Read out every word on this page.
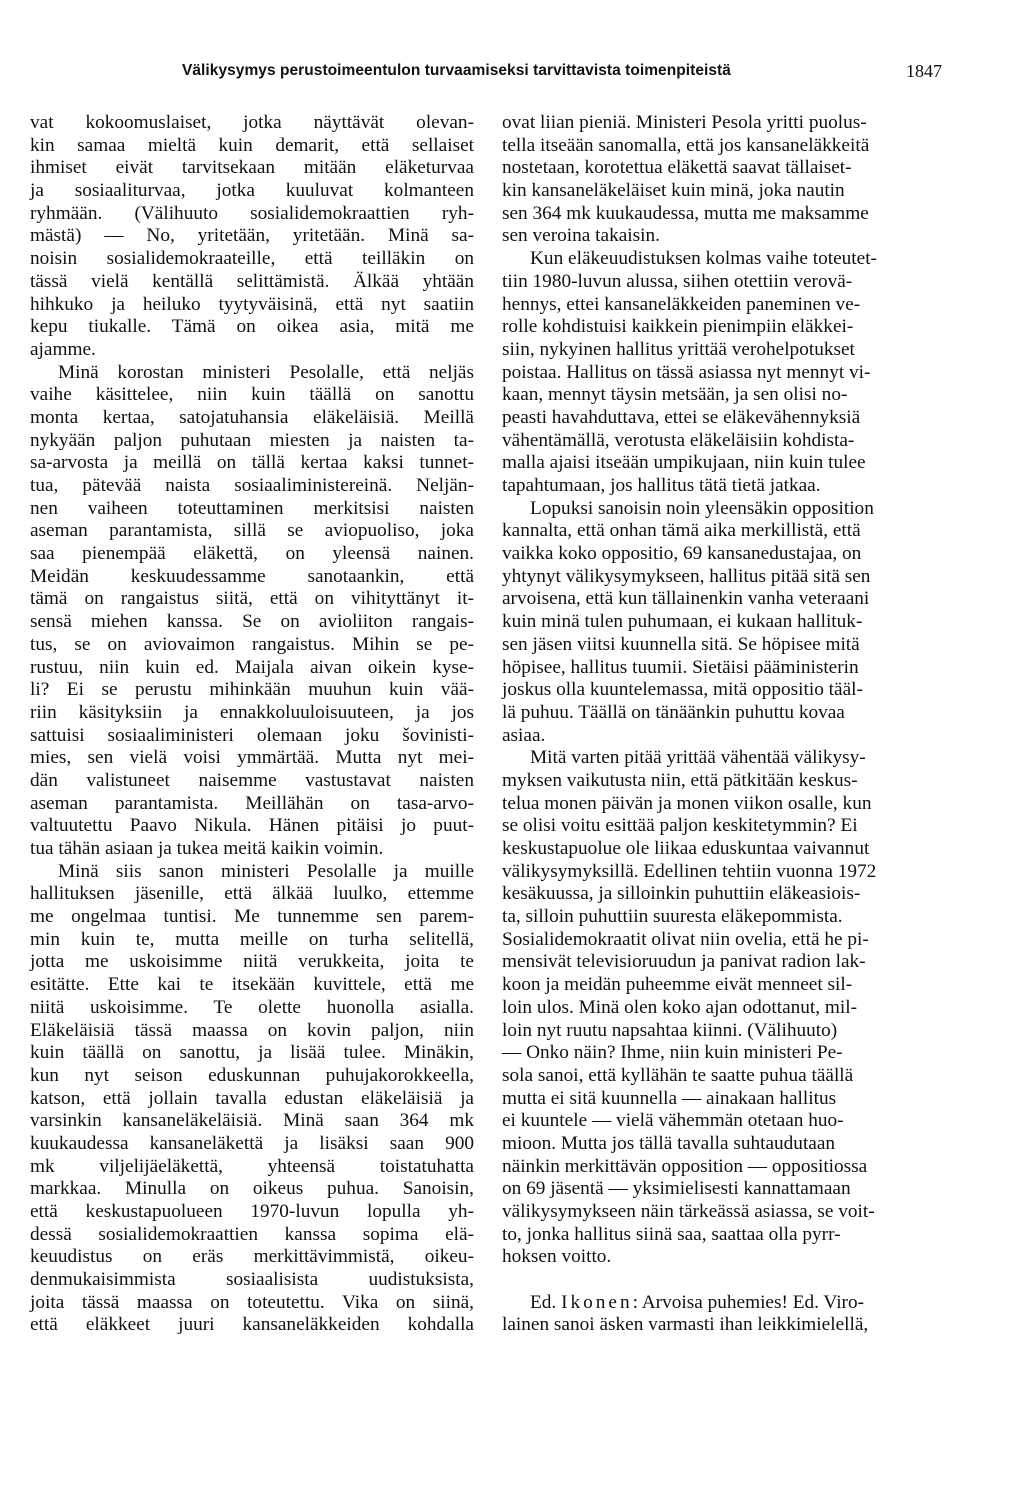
Välikysymys perustoimeentulon turvaamiseksi tarvittavista toimenpiteistä	1847
vat kokoomuslaiset, jotka näyttävät olevan-
kin samaa mieltä kuin demarit, että sellaiset
ihmiset eivät tarvitsekaan mitään eläketurvaa
ja sosiaaliturvaa, jotka kuuluvat kolmanteen
ryhmään. (Välihuuto sosialidemokraattien ryh-
mästä) — No, yritetään, yritetään. Minä sa-
noisin sosialidemokraateille, että teilläkin on
tässä vielä kentällä selittämistä. Älkää yhtään
hihkuko ja heiluko tyytyväisinä, että nyt saatiin
kepu tiukalle. Tämä on oikea asia, mitä me
ajamme.
Minä korostan ministeri Pesolalle, että neljäs
vaihe käsittelee, niin kuin täällä on sanottu
monta kertaa, satojatuhansia eläkeläisiä. Meillä
nykyään paljon puhutaan miesten ja naisten ta-
sa-arvosta ja meillä on tällä kertaa kaksi tunnet-
tua, pätevää naista sosiaaliministereinä. Neljän-
nen vaiheen toteuttaminen merkitsisi naisten
aseman parantamista, sillä se aviopuoliso, joka
saa pienempää eläkettä, on yleensä nainen.
Meidän keskuudessamme sanotaankin, että
tämä on rangaistus siitä, että on vihityttänyt it-
sensä miehen kanssa. Se on avioliiton rangais-
tus, se on aviovaimon rangaistus. Mihin se pe-
rustuu, niin kuin ed. Maijala aivan oikein kyse-
li? Ei se perustu mihinkään muuhun kuin vää-
riin käsityksiin ja ennakkoluuloisuuteen, ja jos
sattuisi sosiaaliministeri olemaan joku šovinisti-
mies, sen vielä voisi ymmärtää. Mutta nyt mei-
dän valistuneet naisemme vastustavat naisten
aseman parantamista. Meillähän on tasa-arvo-
valtuutettu Paavo Nikula. Hänen pitäisi jo puut-
tua tähän asiaan ja tukea meitä kaikin voimin.
Minä siis sanon ministeri Pesolalle ja muille
hallituksen jäsenille, että älkää luulko, ettemme
me ongelmaa tuntisi. Me tunnemme sen parem-
min kuin te, mutta meille on turha selitellä,
jotta me uskoisimme niitä verukkeita, joita te
esitätte. Ette kai te itsekään kuvittele, että me
niitä uskoisimme. Te olette huonolla asialla.
Eläkeläisiä tässä maassa on kovin paljon, niin
kuin täällä on sanottu, ja lisää tulee. Minäkin,
kun nyt seison eduskunnan puhujakorokkeella,
katson, että jollain tavalla edustan eläkeläisiä ja
varsinkin kansaneläkeläisiä. Minä saan 364 mk
kuukaudessa kansaneläkettä ja lisäksi saan 900
mk viljelijäeläkettä, yhteensä toistatuhatta
markkaa. Minulla on oikeus puhua. Sanoisin,
että keskustapuolueen 1970-luvun lopulla yh-
dessä sosialidemokraattien kanssa sopima elä-
keuudistus on eräs merkittävimmistä, oikeu-
denmukaisimmista sosiaalisista uudistuksista,
joita tässä maassa on toteutettu. Vika on siinä,
että eläkkeet juuri kansaneläkkeiden kohdalla
ovat liian pieniä. Ministeri Pesola yritti puolus-
tella itseään sanomalla, että jos kansaneläkkeitä
nostetaan, korotettua eläkettä saavat tällaiset-
kin kansaneläkeläiset kuin minä, joka nautin
sen 364 mk kuukaudessa, mutta me maksamme
sen veroina takaisin.
Kun eläkeuudistuksen kolmas vaihe toteutet-
tiin 1980-luvun alussa, siihen otettiin verovä-
hennys, ettei kansaneläkkeiden paneminen ve-
rolle kohdistuisi kaikkein pienimpiin eläkkei-
siin, nykyinen hallitus yrittää verohelpotukset
poistaa. Hallitus on tässä asiassa nyt mennyt vi-
kaan, mennyt täysin metsään, ja sen olisi no-
peasti havahduttava, ettei se eläkevähennyksiä
vähentämällä, verotusta eläkeläisiin kohdista-
malla ajaisi itseään umpikujaan, niin kuin tulee
tapahtumaan, jos hallitus tätä tietä jatkaa.
Lopuksi sanoisin noin yleensäkin opposition
kannalta, että onhan tämä aika merkillistä, että
vaikka koko oppositio, 69 kansanedustajaa, on
yhtynyt välikysymykseen, hallitus pitää sitä sen
arvoisena, että kun tällainenkin vanha veteraani
kuin minä tulen puhumaan, ei kukaan hallituk-
sen jäsen viitsi kuunnella sitä. Se höpisee mitä
höpisee, hallitus tuumii. Sietäisi pääministerin
joskus olla kuuntelemassa, mitä oppositio tääl-
lä puhuu. Täällä on tänäänkin puhuttu kovaa
asiaa.
Mitä varten pitää yrittää vähentää välikysy-
myksen vaikutusta niin, että pätkitään keskus-
telua monen päivän ja monen viikon osalle, kun
se olisi voitu esittää paljon keskitetymmin? Ei
keskustapuolue ole liikaa eduskuntaa vaivannut
välikysymyksillä. Edellinen tehtiin vuonna 1972
kesäkuussa, ja silloinkin puhuttiin eläkeasiois-
ta, silloin puhuttiin suuresta eläkepommista.
Sosialidemokraatit olivat niin ovelia, että he pi-
mensivät televisioruudun ja panivat radion lak-
koon ja meidän puheemme eivät menneet sil-
loin ulos. Minä olen koko ajan odottanut, mil-
loin nyt ruutu napsahtaa kiinni. (Välihuuto)
— Onko näin? Ihme, niin kuin ministeri Pe-
sola sanoi, että kyllähän te saatte puhua täällä
mutta ei sitä kuunnella — ainakaan hallitus
ei kuuntele — vielä vähemmän otetaan huo-
mioon. Mutta jos tällä tavalla suhtaudutaan
näinkin merkittävän opposition — oppositiossa
on 69 jäsentä — yksimielisesti kannattamaan
välikysymykseen näin tärkeässä asiassa, se voit-
to, jonka hallitus siinä saa, saattaa olla pyrr-
hoksen voitto.
Ed. Ikonen: Arvoisa puhemies! Ed. Viro-
lainen sanoi äsken varmasti ihan leikkimielellä,
